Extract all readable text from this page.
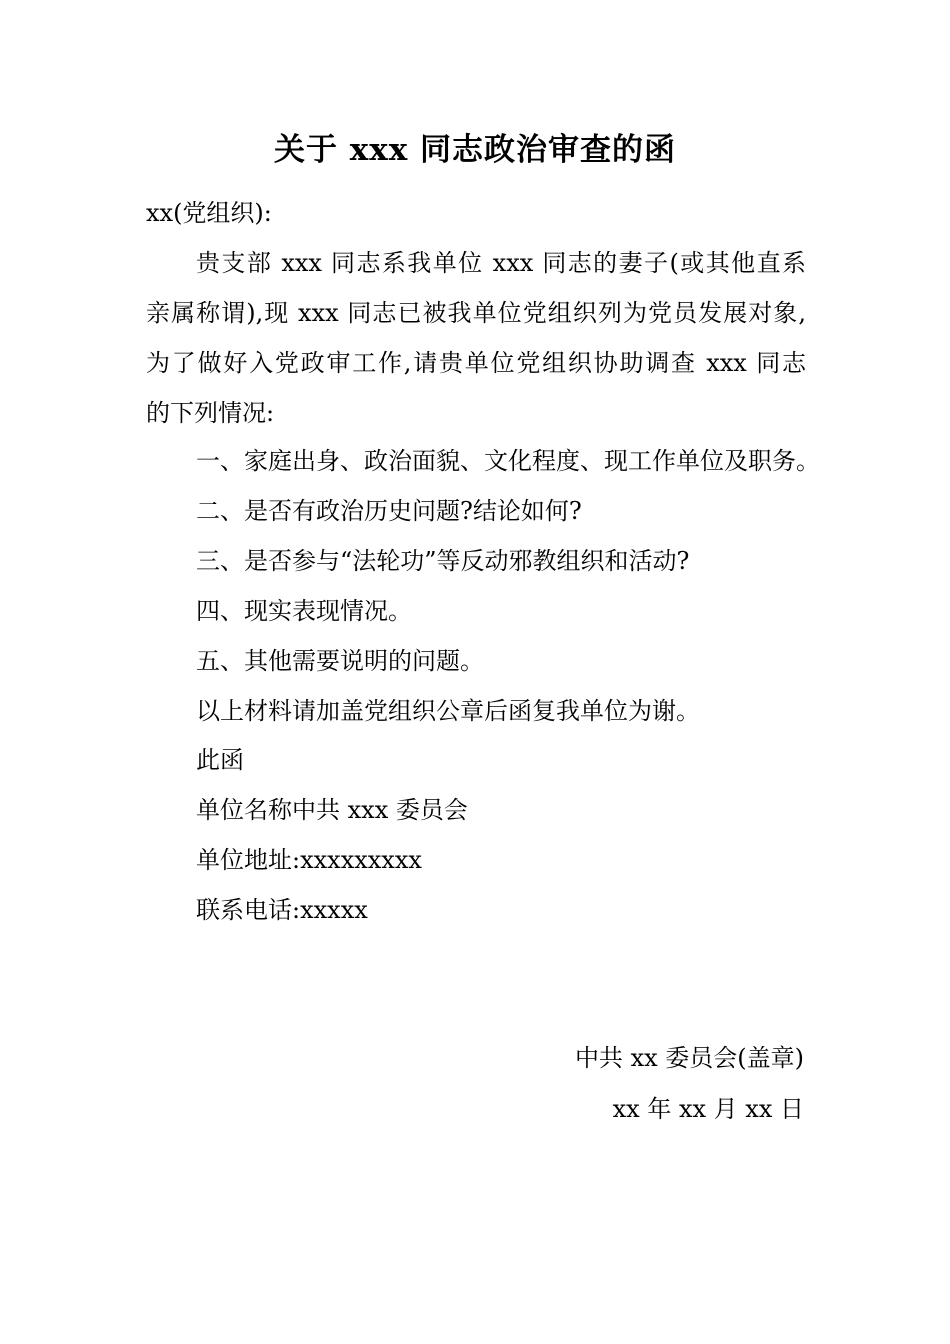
关于 xxx 同志政治审查的函
xx(党组织):
贵支部 xxx 同志系我单位 xxx 同志的妻子(或其他直系
亲属称谓),现 xxx 同志已被我单位党组织列为党员发展对象,
为了做好入党政审工作,请贵单位党组织协助调查 xxx 同志
的下列情况:
一、家庭出身、政治面貌、文化程度、现工作单位及职务。
二、是否有政治历史问题?结论如何?
三、是否参与“法轮功”等反动邪教组织和活动?
四、现实表现情况。
五、其他需要说明的问题。
以上材料请加盖党组织公章后函复我单位为谢。
此函
单位名称中共 xxx 委员会
单位地址:xxxxxxxxx
联系电话:xxxxx
中共 xx 委员会(盖章)
xx 年 xx 月 xx 日
